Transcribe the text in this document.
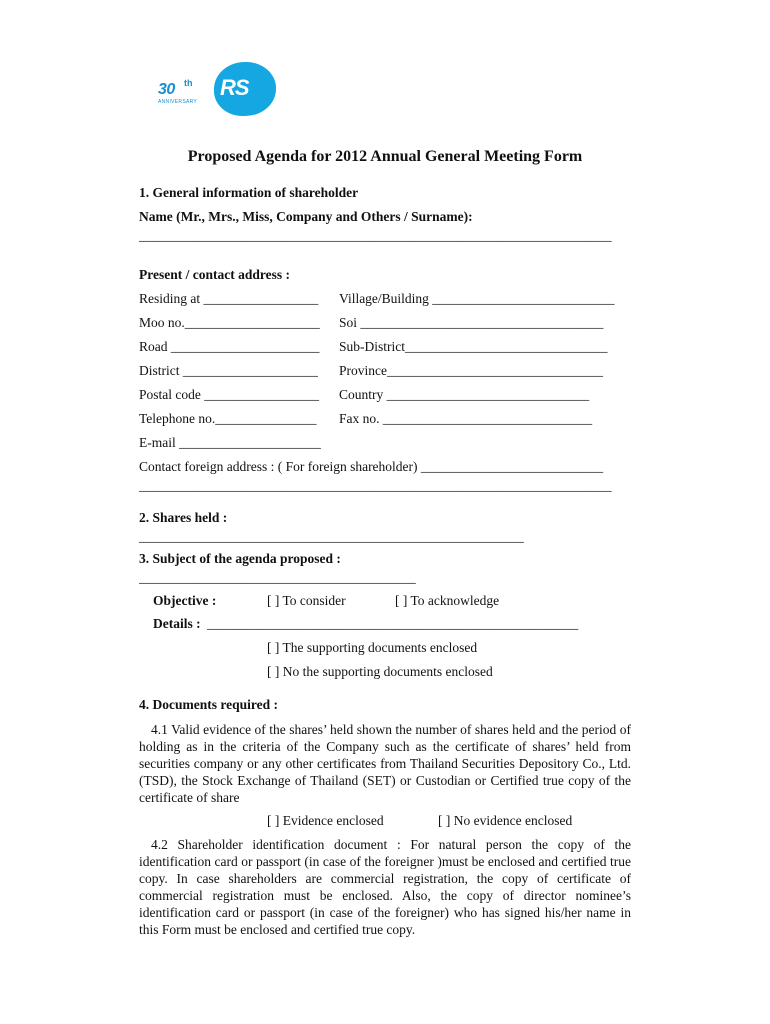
30 th
ANNIVERSARY
RS
Proposed Agenda for 2012 Annual General Meeting Form
1. General information of shareholder
Name (Mr., Mrs., Miss, Company and Others / Surname):
______________________________________________________________________
Present / contact address :
Residing at _________________ Village/Building ___________________________
Moo no.____________________ Soi ____________________________________
Road ______________________ Sub-District______________________________
District ____________________ Province________________________________
Postal code _________________ Country ______________________________
Telephone no._______________ Fax no. _______________________________
E-mail _____________________
Contact foreign address : ( For foreign shareholder) ___________________________
______________________________________________________________________
2. Shares held :
_________________________________________________________
3. Subject of the agenda proposed :
_________________________________________
Objective :	[ ] To consider	[ ] To acknowledge
Details : _______________________________________________________
[ ] The supporting documents enclosed
[ ] No the supporting documents enclosed
4. Documents required :
4.1 Valid evidence of the shares’ held shown the number of shares held and the period of holding as in the criteria of the Company such as the certificate of shares’ held from securities company or any other certificates from Thailand Securities Depository Co., Ltd. (TSD), the Stock Exchange of Thailand (SET) or Custodian or Certified true copy of the certificate of share
[ ] Evidence enclosed	[ ] No evidence enclosed
4.2 Shareholder identification document : For natural person the copy of the identification card or passport (in case of the foreigner )must be enclosed and certified true copy. In case shareholders are commercial registration, the copy of certificate of commercial registration must be enclosed. Also, the copy of director nominee’s identification card or passport (in case of the foreigner) who has signed his/her name in this Form must be enclosed and certified true copy.
